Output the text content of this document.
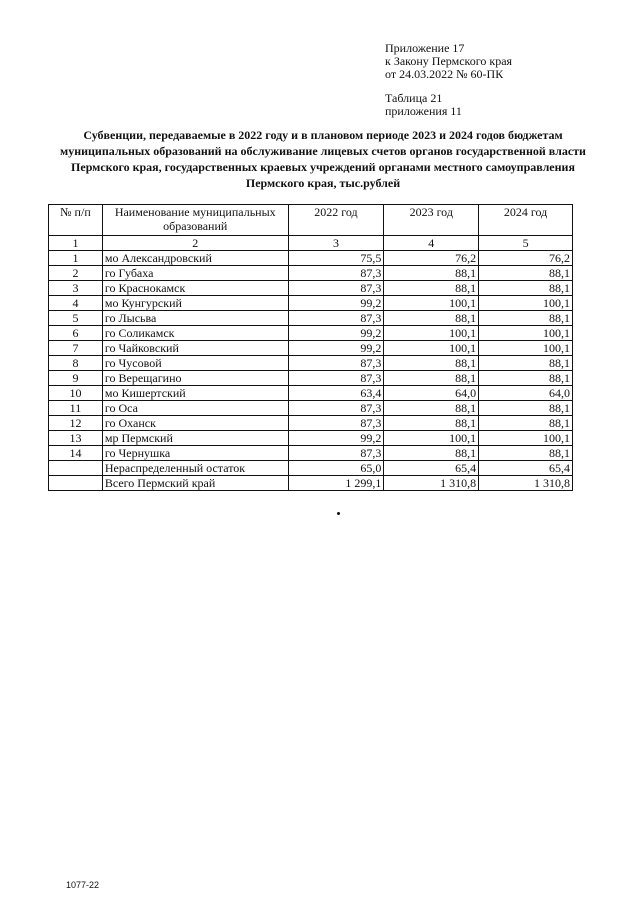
Приложение 17
к Закону Пермского края
от 24.03.2022 № 60-ПК
Таблица 21
приложения 11
Субвенции, передаваемые в 2022 году и в плановом периоде 2023 и 2024 годов бюджетам муниципальных образований на обслуживание лицевых счетов органов государственной власти Пермского края, государственных краевых учреждений органами местного самоуправления Пермского края, тыс.рублей
№ п/п	Наименование муниципальных образований	2022 год	2023 год	2024 год
1	2	3	4	5
1	мо Александровский	75,5	76,2	76,2
2	го Губаха	87,3	88,1	88,1
3	го Краснокамск	87,3	88,1	88,1
4	мо Кунгурский	99,2	100,1	100,1
5	го Лысьва	87,3	88,1	88,1
6	го Соликамск	99,2	100,1	100,1
7	го Чайковский	99,2	100,1	100,1
8	го Чусовой	87,3	88,1	88,1
9	го Верещагино	87,3	88,1	88,1
10	мо Кишертский	63,4	64,0	64,0
11	го Оса	87,3	88,1	88,1
12	го Оханск	87,3	88,1	88,1
13	мр Пермский	99,2	100,1	100,1
14	го Чернушка	87,3	88,1	88,1
	Нераспределенный остаток	65,0	65,4	65,4
	Всего Пермский край	1 299,1	1 310,8	1 310,8
1077-22
